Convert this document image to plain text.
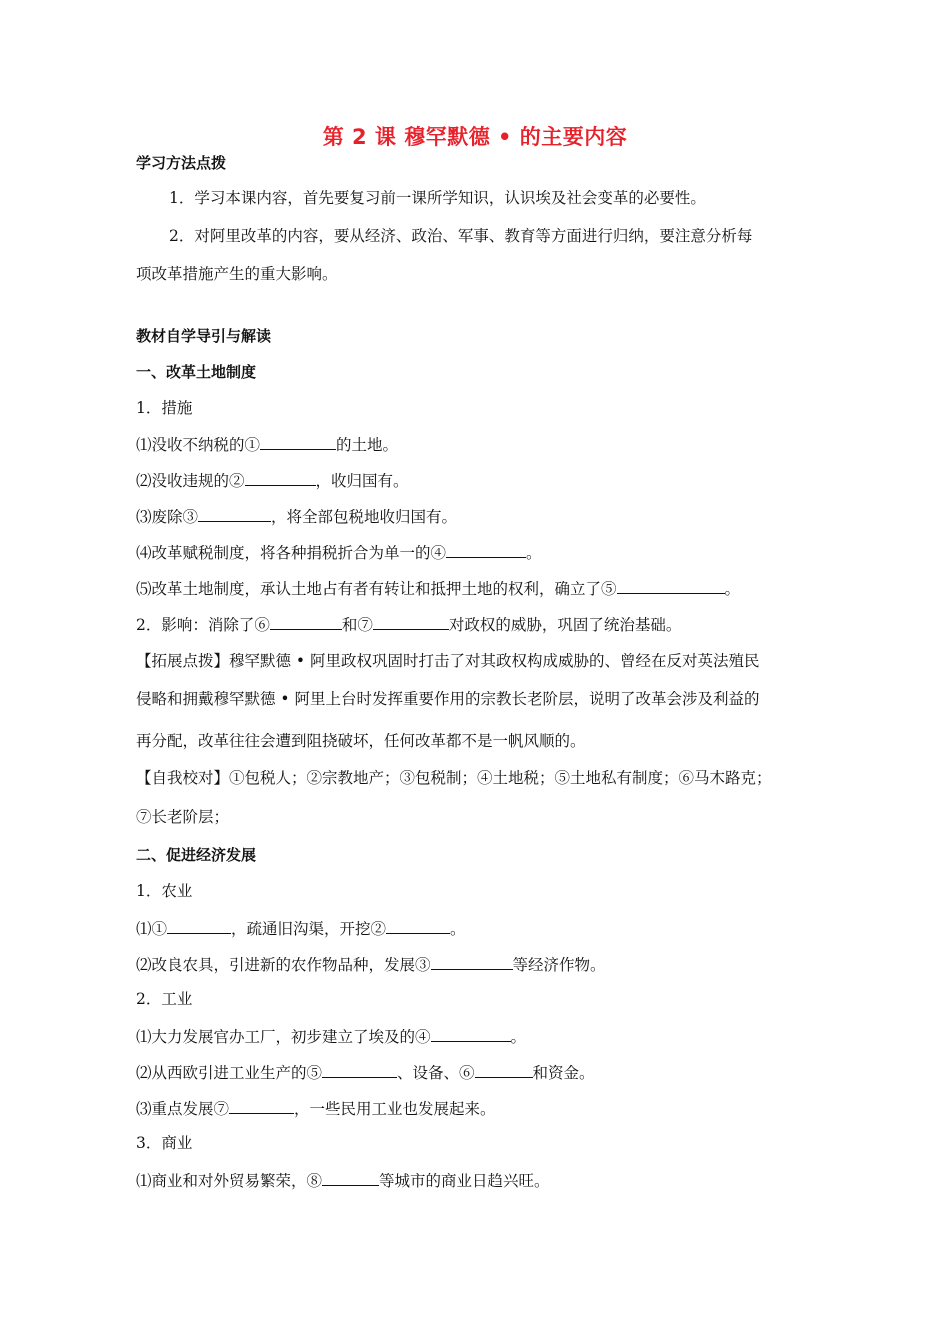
第 2 课 穆罕默德 • 的主要内容
学习方法点拨
1．学习本课内容，首先要复习前一课所学知识，认识埃及社会变革的必要性。
2．对阿里改革的内容，要从经济、政治、军事、教育等方面进行归纳，要注意分析每
项改革措施产生的重大影响。
教材自学导引与解读
一、改革土地制度
1．措施
⑴没收不纳税的①	的土地。
⑵没收违规的②	，收归国有。
⑶废除③	，将全部包税地收归国有。
⑷改革赋税制度，将各种捐税折合为单一的④	。
⑸改革土地制度，承认土地占有者有转让和抵押土地的权利，确立了⑤	。
2．影响：消除了⑥	和⑦	对政权的威胁，巩固了统治基础。
【拓展点拨】穆罕默德 • 阿里政权巩固时打击了对其政权构成威胁的、曾经在反对英法殖民
侵略和拥戴穆罕默德 • 阿里上台时发挥重要作用的宗教长老阶层，说明了改革会涉及利益的
再分配，改革往往会遭到阻挠破坏，任何改革都不是一帆风顺的。
【自我校对】①包税人；②宗教地产；③包税制；④土地税；⑤土地私有制度；⑥马木路克；
⑦长老阶层；
二、促进经济发展
1．农业
⑴①	，疏通旧沟渠，开挖②	。
⑵改良农具，引进新的农作物品种，发展③	等经济作物。
2．工业
⑴大力发展官办工厂，初步建立了埃及的④	。
⑵从西欧引进工业生产的⑤	、设备、⑥	和资金。
⑶重点发展⑦	，一些民用工业也发展起来。
3．商业
⑴商业和对外贸易繁荣，⑧	等城市的商业日趋兴旺。
